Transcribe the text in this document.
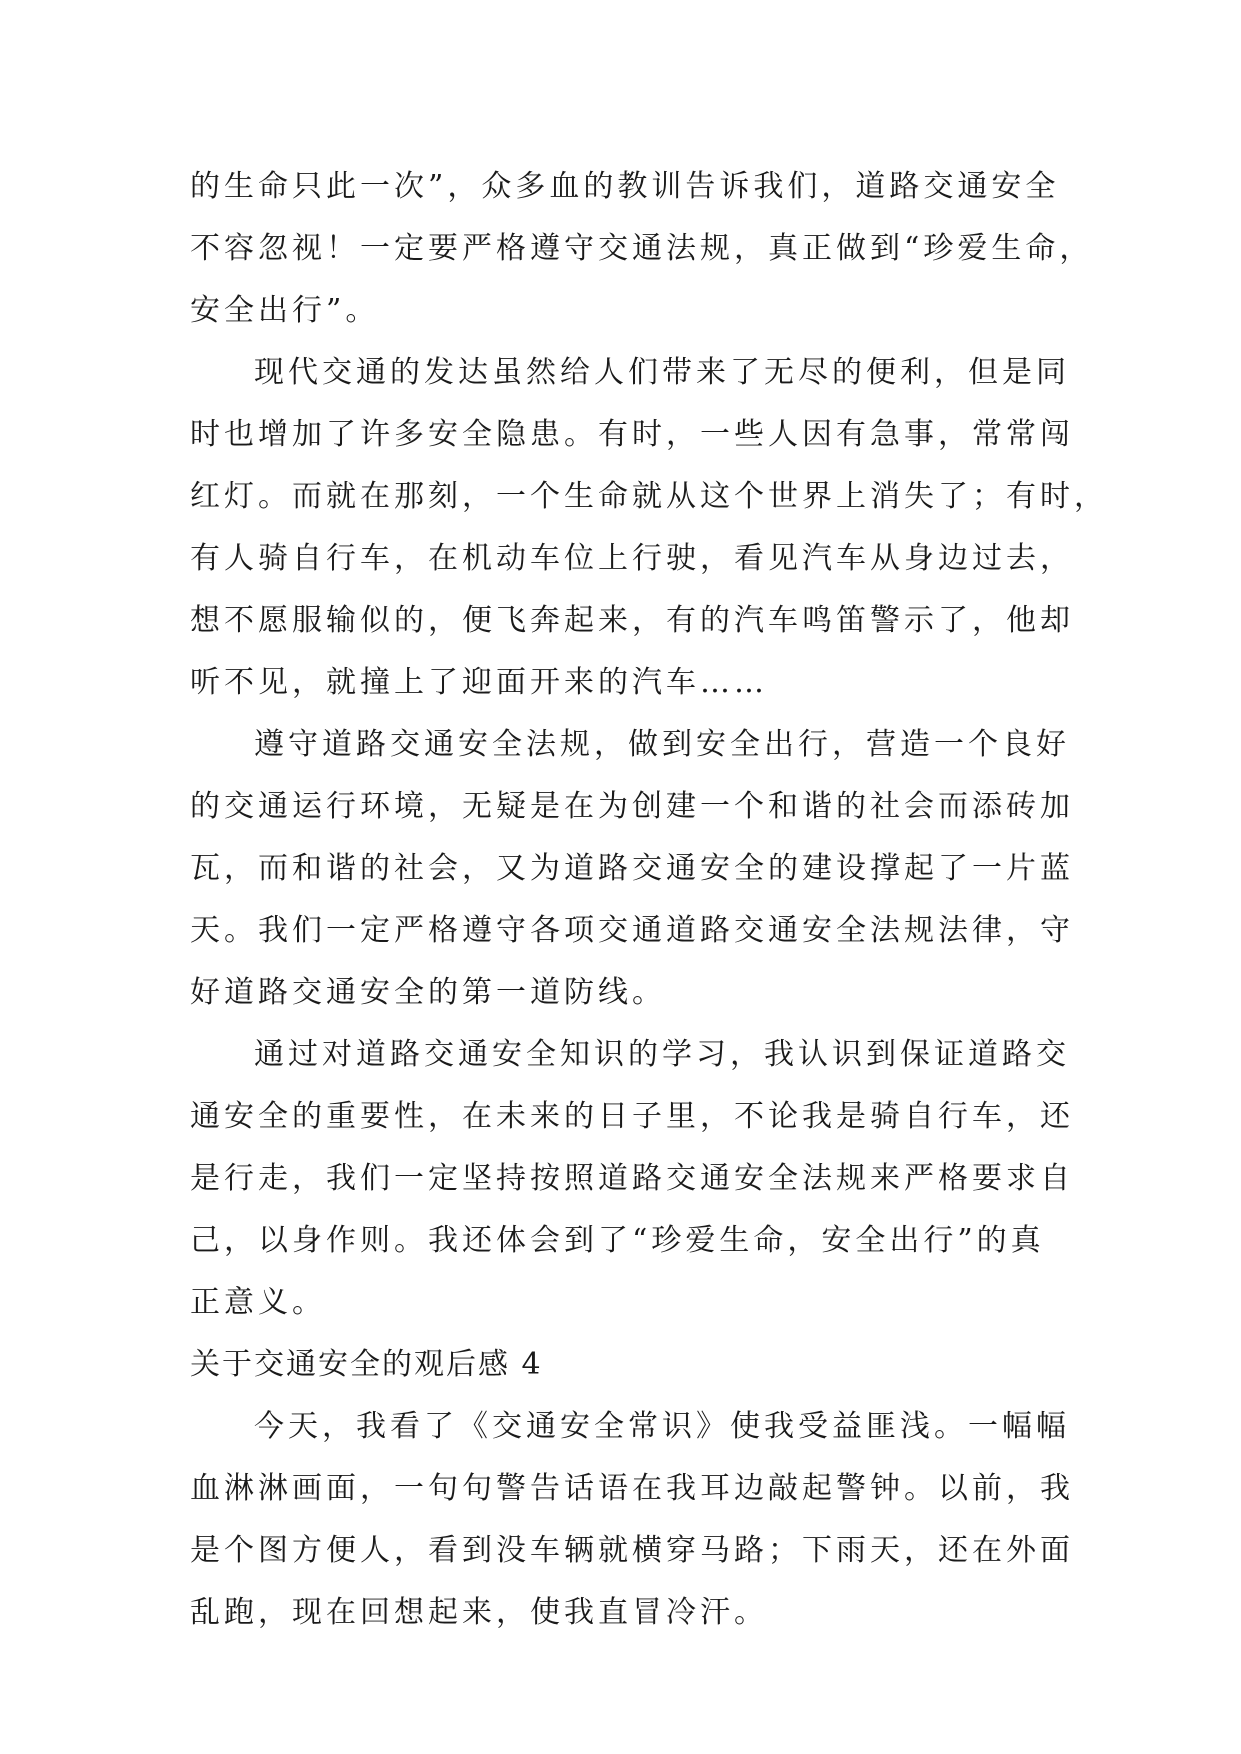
的生命只此一次”，众多血的教训告诉我们，道路交通安全
不容忽视！一定要严格遵守交通法规，真正做到“珍爱生命，
安全出行”。
现代交通的发达虽然给人们带来了无尽的便利，但是同
时也增加了许多安全隐患。有时，一些人因有急事，常常闯
红灯。而就在那刻，一个生命就从这个世界上消失了；有时，
有人骑自行车，在机动车位上行驶，看见汽车从身边过去，
想不愿服输似的，便飞奔起来，有的汽车鸣笛警示了，他却
听不见，就撞上了迎面开来的汽车……
遵守道路交通安全法规，做到安全出行，营造一个良好
的交通运行环境，无疑是在为创建一个和谐的社会而添砖加
瓦，而和谐的社会，又为道路交通安全的建设撑起了一片蓝
天。我们一定严格遵守各项交通道路交通安全法规法律，守
好道路交通安全的第一道防线。
通过对道路交通安全知识的学习，我认识到保证道路交
通安全的重要性，在未来的日子里，不论我是骑自行车，还
是行走，我们一定坚持按照道路交通安全法规来严格要求自
己，以身作则。我还体会到了“珍爱生命，安全出行”的真
正意义。
关于交通安全的观后感 4
今天，我看了《交通安全常识》使我受益匪浅。一幅幅
血淋淋画面，一句句警告话语在我耳边敲起警钟。以前，我
是个图方便人，看到没车辆就横穿马路；下雨天，还在外面
乱跑，现在回想起来，使我直冒冷汗。
